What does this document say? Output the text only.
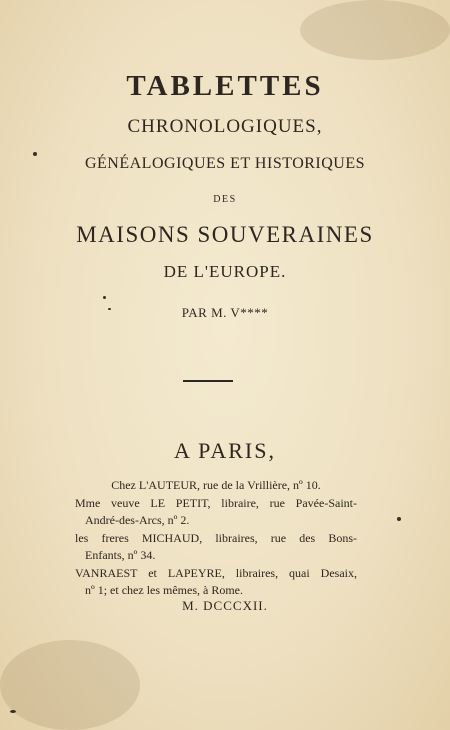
TABLETTES
CHRONOLOGIQUES,
GÉNÉALOGIQUES ET HISTORIQUES
DES
MAISONS SOUVERAINES
DE L'EUROPE.
PAR M. V****
A PARIS,
Chez L'AUTEUR, rue de la Vrillière, nº 10.
Mme veuve LE PETIT, libraire, rue Pavée-Saint-
André-des-Arcs, nº 2.
les freres MICHAUD, libraires, rue des Bons-
Enfants, nº 34.
VANRAEST et LAPEYRE, libraires, quai Desaix,
nº 1; et chez les mêmes, à Rome.
M. DCCCXII.
